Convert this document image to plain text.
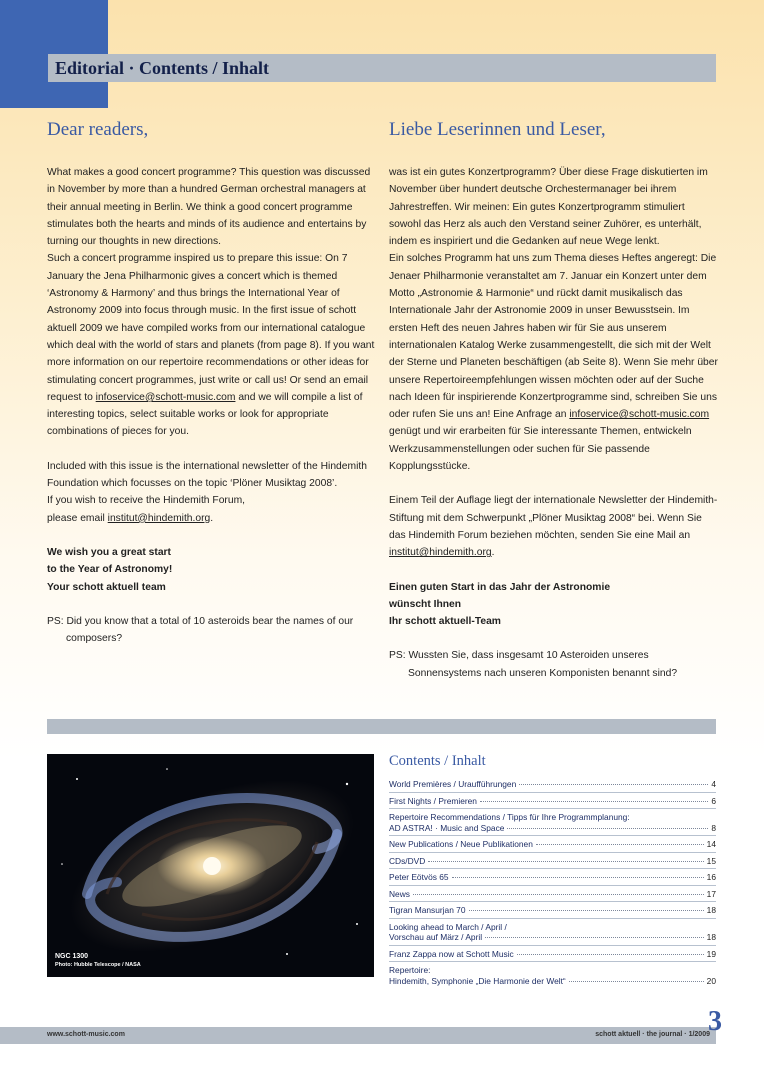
Editorial · Contents / Inhalt
Dear readers,

What makes a good concert programme? This question was discussed in November by more than a hundred German orchestral managers at their annual meeting in Berlin. We think a good concert programme stimulates both the hearts and minds of its audience and entertains by turning our thoughts in new directions.

Such a concert programme inspired us to prepare this issue: On 7 January the Jena Philharmonic gives a concert which is themed ‘Astronomy & Harmony’ and thus brings the International Year of Astronomy 2009 into focus through music. In the first issue of schott aktuell 2009 we have compiled works from our international catalogue which deal with the world of stars and planets (from page 8). If you want more information on our repertoire recommendations or other ideas for stimulating concert programmes, just write or call us! Or send an email request to infoservice@schott-music.com and we will compile a list of interesting topics, select suitable works or look for appropriate combinations of pieces for you.

Included with this issue is the international newsletter of the Hindemith Foundation which focusses on the topic ‘Plöner Musiktag 2008’.

If you wish to receive the Hindemith Forum,
please email institut@hindemith.org.

We wish you a great start

to the Year of Astronomy!

Your schott aktuell team

PS: Did you know that a total of 10 asteroids bear the names of our composers?

Liebe Leserinnen und Leser,

was ist ein gutes Konzertprogramm? Über diese Frage diskutierten im November über hundert deutsche Orchestermanager bei ihrem Jahrestreffen. Wir meinen: Ein gutes Konzertprogramm stimuliert sowohl das Herz als auch den Verstand seiner Zuhörer, es unterhält, indem es inspiriert und die Gedanken auf neue Wege lenkt.

Ein solches Programm hat uns zum Thema dieses Heftes angeregt: Die Jenaer Philharmonie veranstaltet am 7. Januar ein Konzert unter dem Motto „Astronomie & Harmonie“ und rückt damit musikalisch das Internationale Jahr der Astronomie 2009 in unser Bewusstsein. Im ersten Heft des neuen Jahres haben wir für Sie aus unserem internationalen Katalog Werke zusammengestellt, die sich mit der Welt der Sterne und Planeten beschäftigen (ab Seite 8). Wenn Sie mehr über unsere Repertoireempfehlungen wissen möchten oder auf der Suche nach Ideen für inspirierende Konzertprogramme sind, schreiben Sie uns oder rufen Sie uns an! Eine Anfrage an infoservice@schott-music.com genügt und wir erarbeiten für Sie interessante Themen, entwickeln Werkzusammenstellungen oder suchen für Sie passende Kopplungsstücke.

Einem Teil der Auflage liegt der internationale Newsletter der Hindemith-Stiftung mit dem Schwerpunkt „Plöner Musiktag 2008“ bei. Wenn Sie das Hindemith Forum beziehen möchten, senden Sie eine Mail an institut@hindemith.org.

Einen guten Start in das Jahr der Astronomie

wünscht Ihnen

Ihr schott aktuell-Team

PS: Wussten Sie, dass insgesamt 10 Asteroiden unseres Sonnensystems nach unseren Komponisten benannt sind?

NGC 1300
Photo: Hubble Telescope / NASA
Contents / Inhalt
World Premières / Uraufführungen	4
First Nights / Premieren	6
Repertoire Recommendations / Tipps für Ihre Programmplanung:
AD ASTRA! · Music and Space	8
New Publications / Neue Publikationen	14
CDs/DVD	15
Peter Eötvös 65	16
News	17
Tigran Mansurjan 70	18
Looking ahead to March / April /
Vorschau auf März / April	18
Franz Zappa now at Schott Music	19
Repertoire:
Hindemith, Symphonie „Die Harmonie der Welt“	20
www.schott-music.com	schott aktuell · the journal · 1/2009
3
